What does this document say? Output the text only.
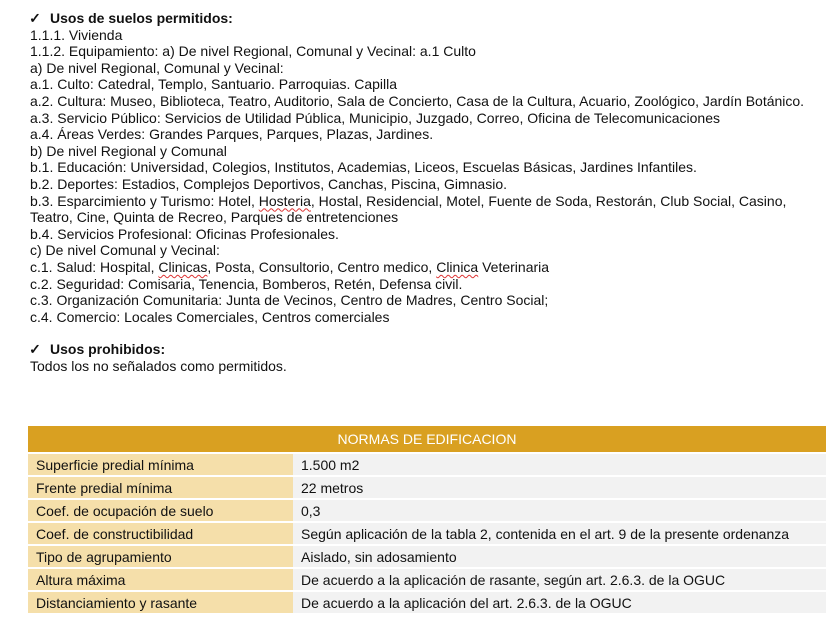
✓ Usos de suelos permitidos:
1.1.1. Vivienda
1.1.2. Equipamiento: a) De nivel Regional, Comunal y Vecinal: a.1 Culto
a) De nivel Regional, Comunal y Vecinal:
a.1. Culto: Catedral, Templo, Santuario. Parroquias. Capilla
a.2. Cultura: Museo, Biblioteca, Teatro, Auditorio, Sala de Concierto, Casa de la Cultura, Acuario, Zoológico, Jardín Botánico.
a.3. Servicio Público: Servicios de Utilidad Pública, Municipio, Juzgado, Correo, Oficina de Telecomunicaciones
a.4. Áreas Verdes: Grandes Parques, Parques, Plazas, Jardines.
b) De nivel Regional y Comunal
b.1. Educación: Universidad, Colegios, Institutos, Academias, Liceos, Escuelas Básicas, Jardines Infantiles.
b.2. Deportes: Estadios, Complejos Deportivos, Canchas, Piscina, Gimnasio.
b.3. Esparcimiento y Turismo: Hotel, Hosteria, Hostal, Residencial, Motel, Fuente de Soda, Restorán, Club Social, Casino,
Teatro, Cine, Quinta de Recreo, Parques de entretenciones
b.4. Servicios Profesional: Oficinas Profesionales.
c) De nivel Comunal y Vecinal:
c.1. Salud: Hospital, Clinicas, Posta, Consultorio, Centro medico, Clinica Veterinaria
c.2. Seguridad: Comisaria, Tenencia, Bomberos, Retén, Defensa civil.
c.3. Organización Comunitaria: Junta de Vecinos, Centro de Madres, Centro Social;
c.4. Comercio: Locales Comerciales, Centros comerciales
✓ Usos prohibidos:
Todos los no señalados como permitidos.
NORMAS DE EDIFICACION	
Superficie predial mínima	1.500 m2
Frente predial mínima	22 metros
Coef. de ocupación de suelo	0,3
Coef. de constructibilidad	Según aplicación de la tabla 2, contenida en el art. 9 de la presente ordenanza
Tipo de agrupamiento	Aislado, sin adosamiento
Altura máxima	De acuerdo a la aplicación de rasante, según art. 2.6.3. de la OGUC
Distanciamiento y rasante	De acuerdo a la aplicación del art. 2.6.3. de la OGUC
